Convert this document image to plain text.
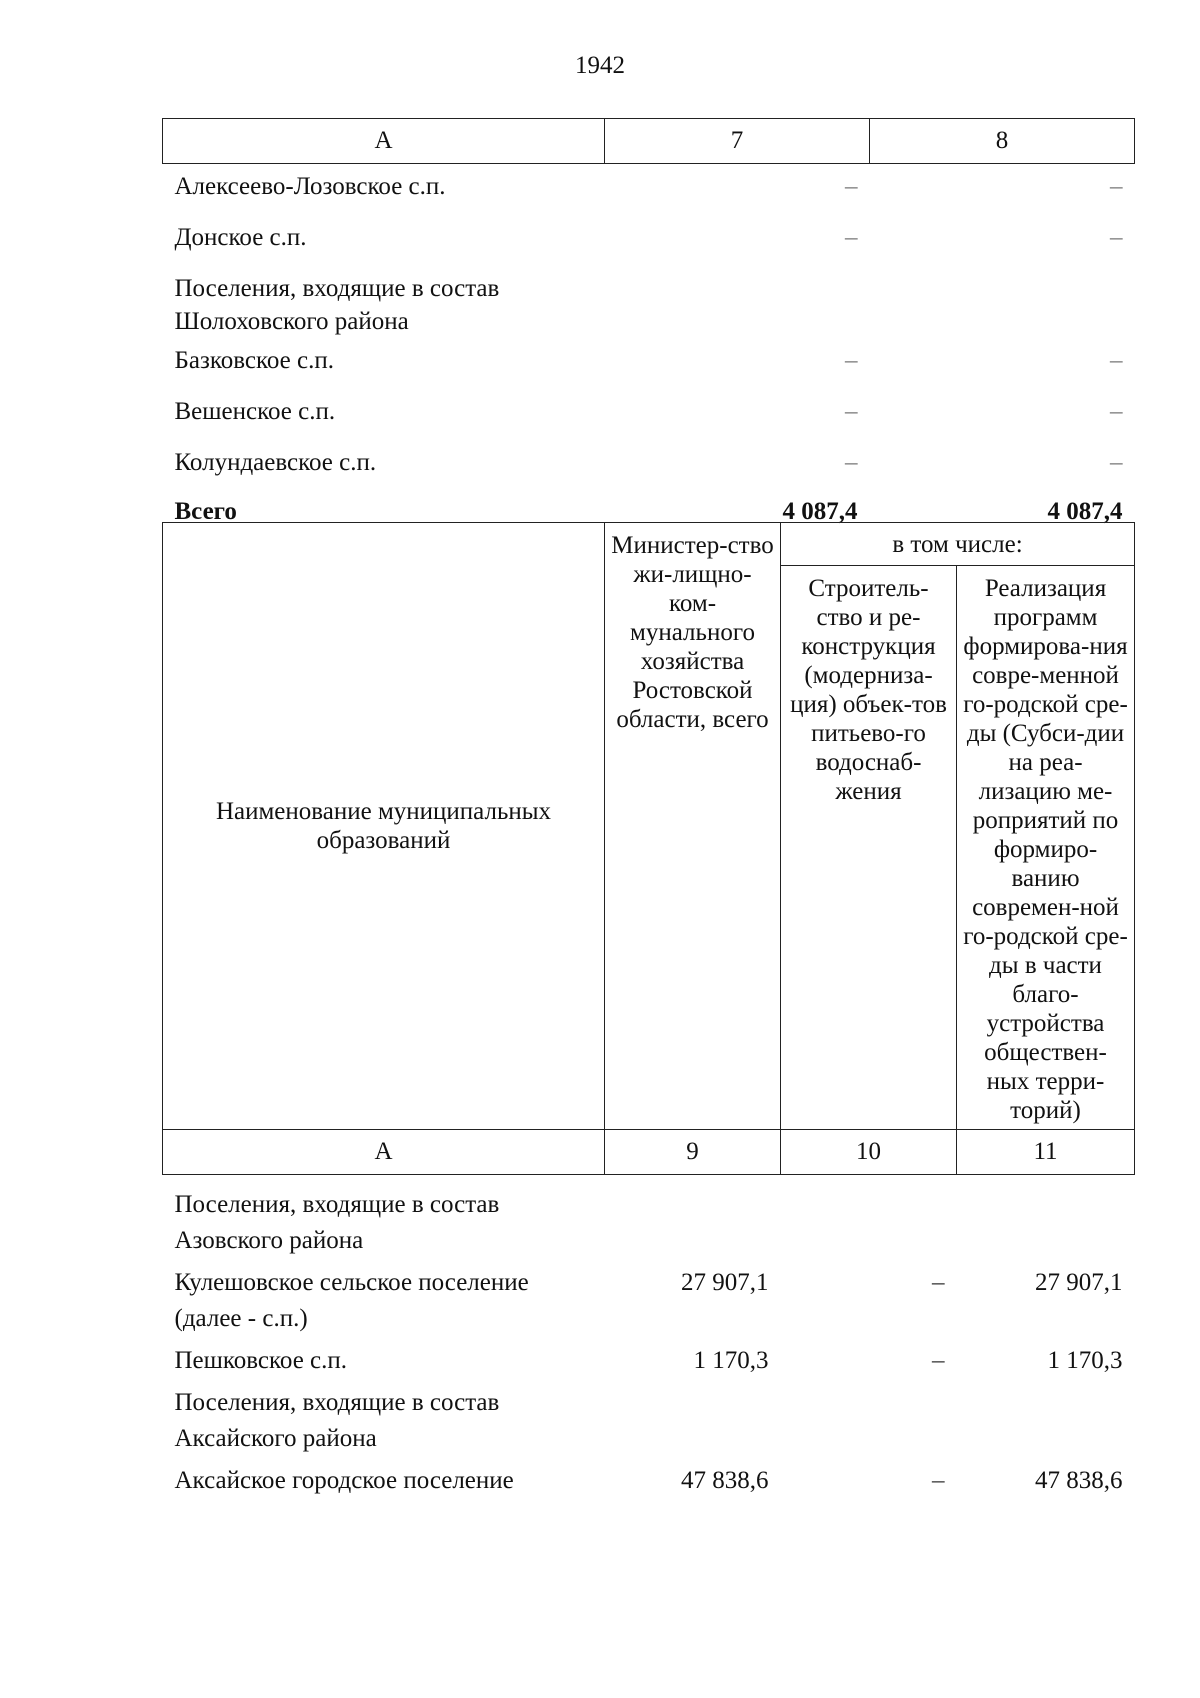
1942
А	7	8
Алексеево-Лозовское с.п.	–	–
Донское с.п.	–	–
Поселения, входящие в состав Шолоховского района		
Базковское с.п.	–	–
Вешенское с.п.	–	–
Колундаевское с.п.	–	–
Всего	4 087,4	4 087,4
Наименование муниципальных образований	Министер-ство жи-лищно-ком-мунального хозяйства Ростовской области, всего	в том числе:	
		Строитель-ство и ре-конструкция (модерниза-ция) объек-тов питьево-го водоснаб-жения	Реализация программ формирова-ния совре-менной го-родской сре-ды (Субси-дии на реа-лизацию ме-роприятий по формиро-ванию современ-ной го-родской сре-ды в части благо-устройства обществен-ных терри-торий)
А	9	10	11
Поселения, входящие в состав Азовского района			
Кулешовское сельское поселение (далее - с.п.)	27 907,1	–	27 907,1
Пешковское с.п.	1 170,3	–	1 170,3
Поселения, входящие в состав Аксайского района			
Аксайское городское поселение	47 838,6	–	47 838,6
